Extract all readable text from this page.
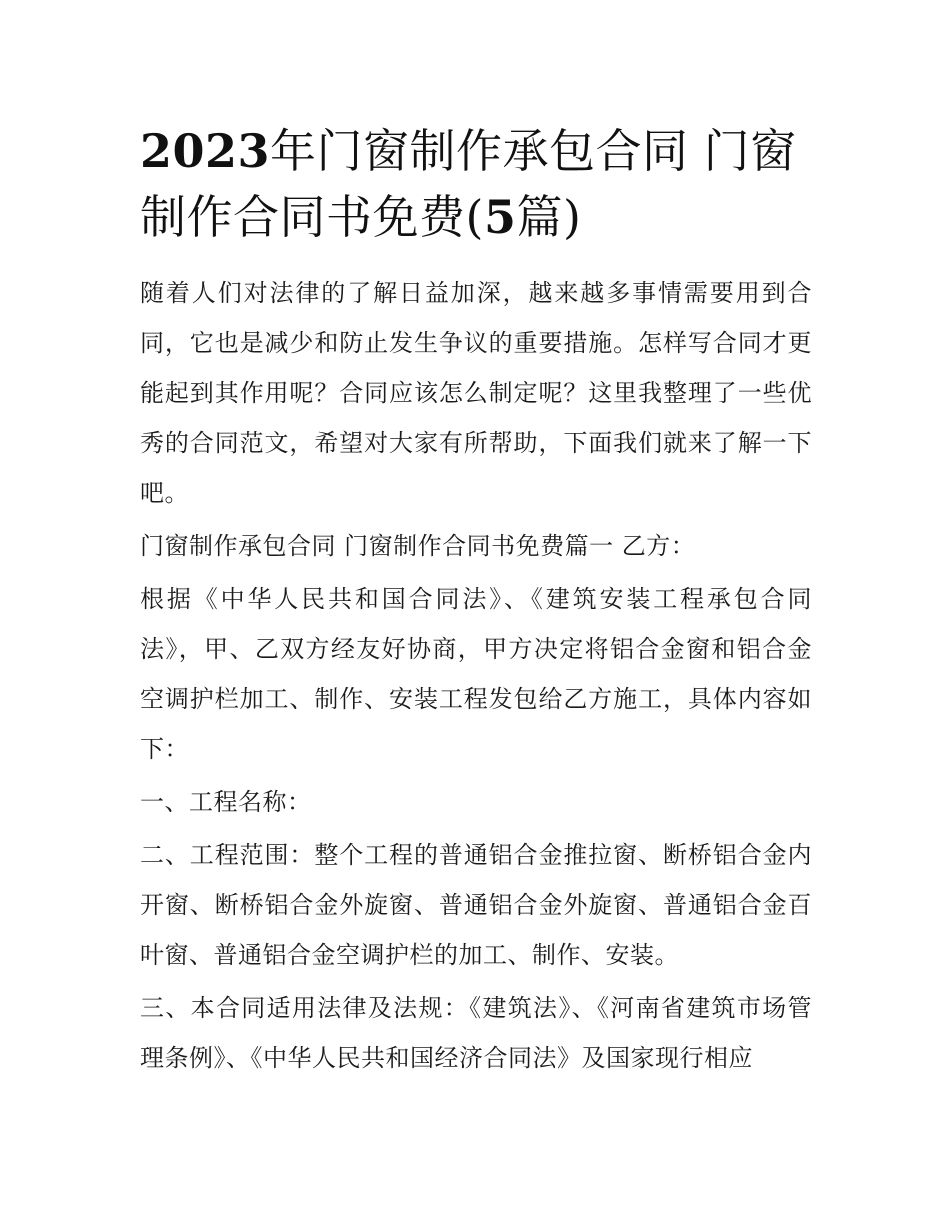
2023年门窗制作承包合同 门窗制作合同书免费(5篇)

随着人们对法律的了解日益加深，越来越多事情需要用到合同，它也是减少和防止发生争议的重要措施。怎样写合同才更能起到其作用呢？合同应该怎么制定呢？这里我整理了一些优秀的合同范文，希望对大家有所帮助，下面我们就来了解一下吧。

门窗制作承包合同 门窗制作合同书免费篇一 乙方：

根据《中华人民共和国合同法》、《建筑安装工程承包合同法》，甲、乙双方经友好协商，甲方决定将铝合金窗和铝合金空调护栏加工、制作、安装工程发包给乙方施工，具体内容如下：

一、工程名称：

二、工程范围：整个工程的普通铝合金推拉窗、断桥铝合金内开窗、断桥铝合金外旋窗、普通铝合金外旋窗、普通铝合金百叶窗、普通铝合金空调护栏的加工、制作、安装。

三、本合同适用法律及法规：《建筑法》、《河南省建筑市场管理条例》、《中华人民共和国经济合同法》及国家现行相应
